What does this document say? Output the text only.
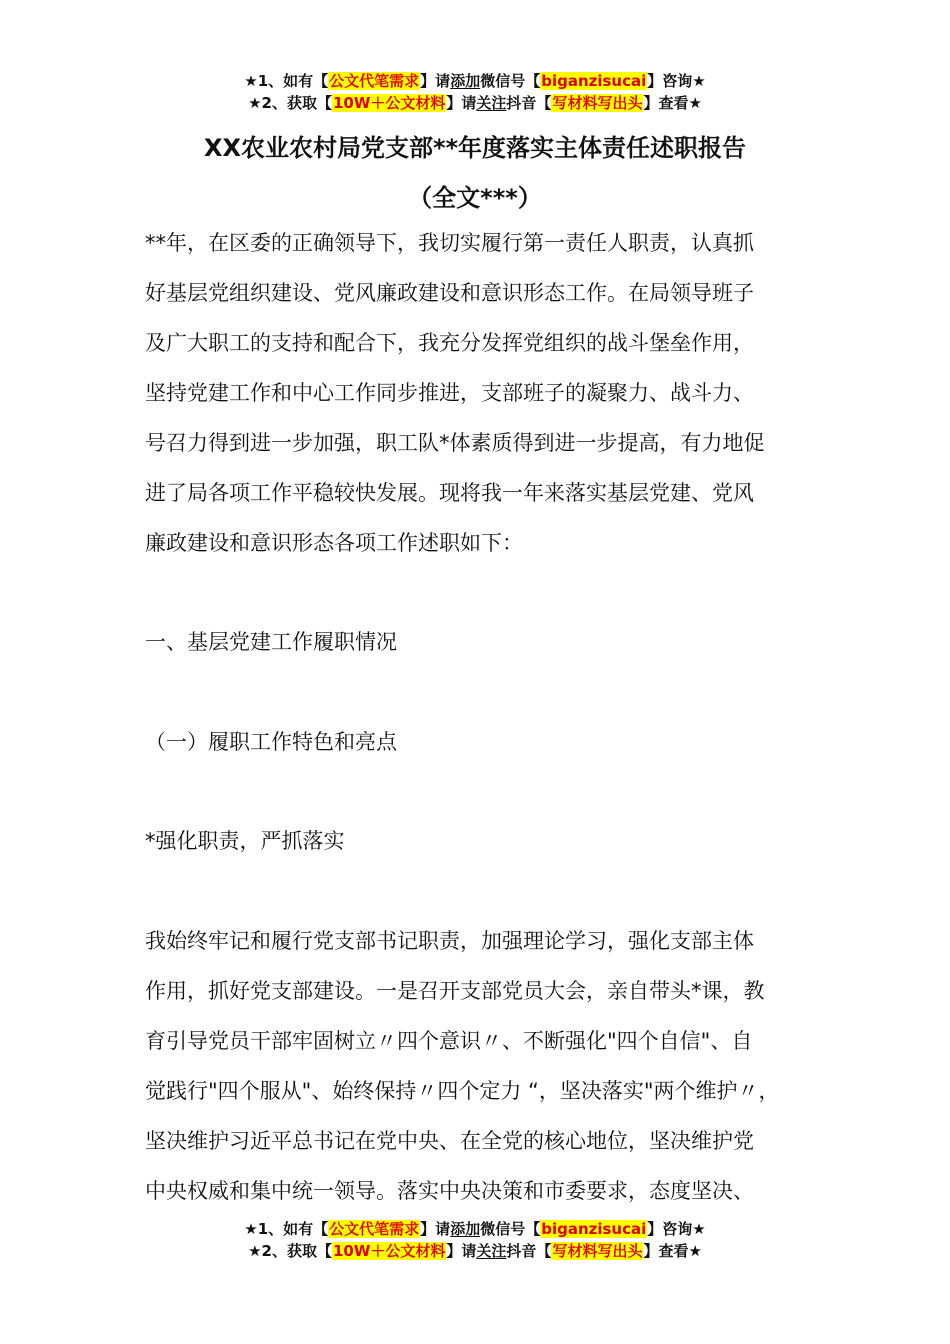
★1、如有【公文代笔需求】请添加微信号【biganzisucai】咨询★
★2、获取【10W＋公文材料】请关注抖音【写材料写出头】查看★
XX农业农村局党支部**年度落实主体责任述职报告
（全文***）
**年，在区委的正确领导下，我切实履行第一责任人职责，认真抓
好基层党组织建设、党风廉政建设和意识形态工作。在局领导班子
及广大职工的支持和配合下，我充分发挥党组织的战斗堡垒作用，
坚持党建工作和中心工作同步推进，支部班子的凝聚力、战斗力、
号召力得到进一步加强，职工队*体素质得到进一步提高，有力地促
进了局各项工作平稳较快发展。现将我一年来落实基层党建、党风
廉政建设和意识形态各项工作述职如下：
一、基层党建工作履职情况
（一）履职工作特色和亮点
*强化职责，严抓落实
我始终牢记和履行党支部书记职责，加强理论学习，强化支部主体
作用，抓好党支部建设。一是召开支部党员大会，亲自带头*课，教
育引导党员干部牢固树立〃四个意识〃、不断强化"四个自信"、自
觉践行"四个服从"、始终保持〃四个定力 “，坚决落实"两个维护〃，
坚决维护习近平总书记在党中央、在全党的核心地位，坚决维护党
中央权威和集中统一领导。落实中央决策和市委要求，态度坚决、
★1、如有【公文代笔需求】请添加微信号【biganzisucai】咨询★
★2、获取【10W＋公文材料】请关注抖音【写材料写出头】查看★
